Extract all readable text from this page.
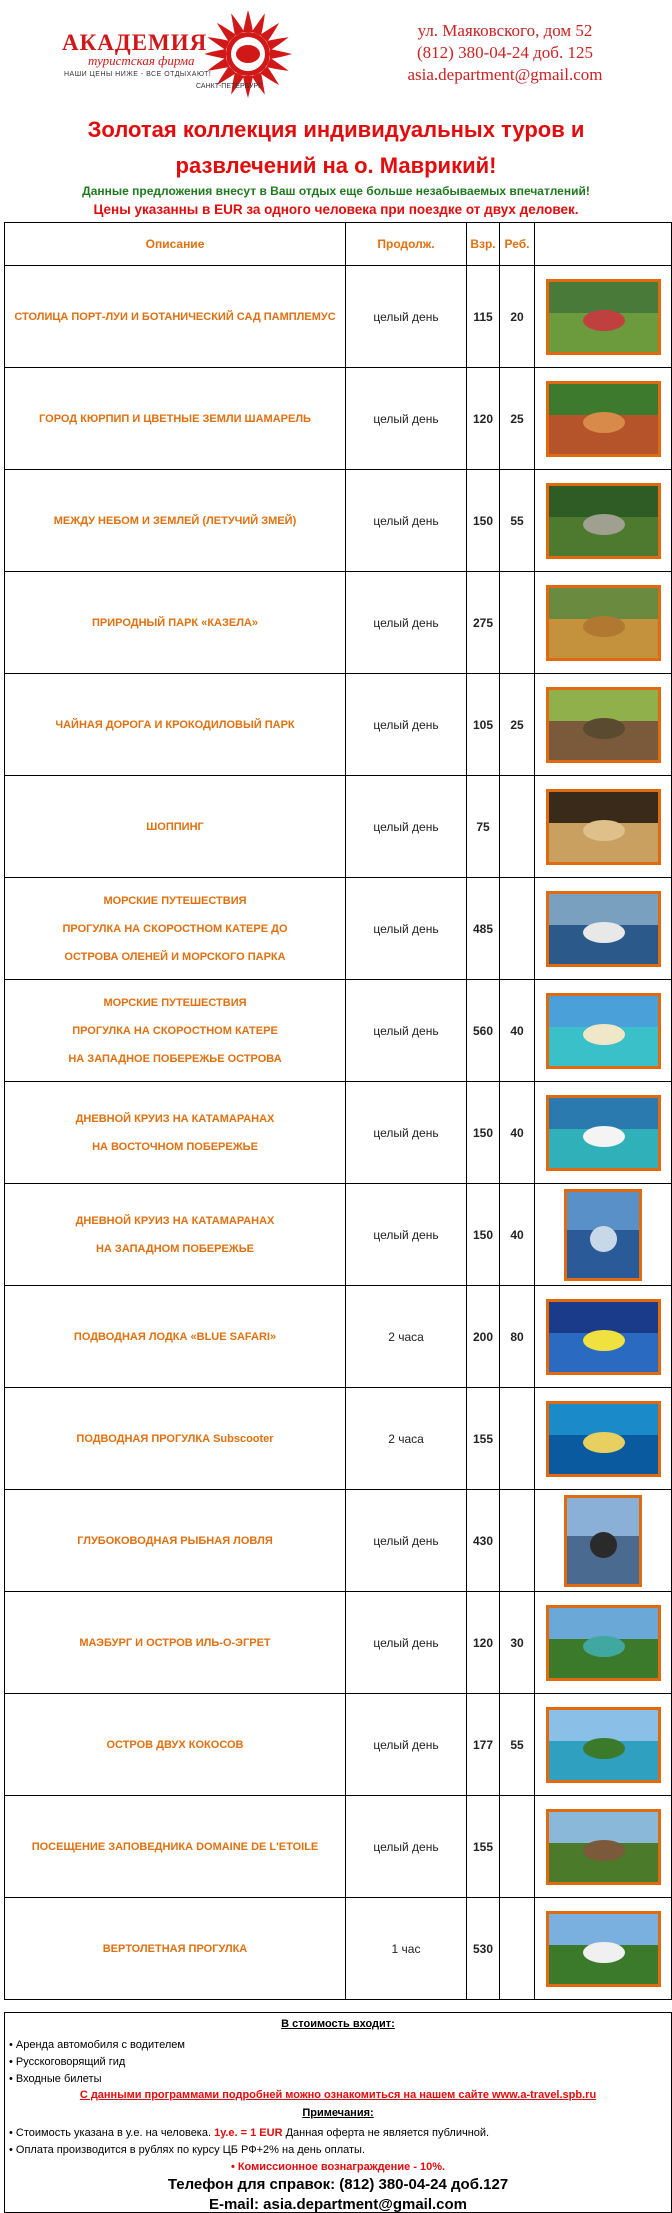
АКАДЕМИЯ
туристская фирма
НАШИ ЦЕНЫ НИЖЕ - ВСЕ ОТДЫХАЮТ!
САНКТ-ПЕТЕРБУРГ
ул. Маяковского, дом 52
(812) 380-04-24 доб. 125
asia.department@gmail.com
Золотая коллекция индивидуальных туров и развлечений на о. Маврикий!
Данные предложения внесут в Ваш отдых еще больше незабываемых впечатлений!
Цены указанны в EUR за одного человека при поездке от двух деловек.
Описание	Продолж.	Взр. Реб.
СТОЛИЦА ПОРТ-ЛУИ И БОТАНИЧЕСКИЙ САД ПАМПЛЕМУС	целый день	115	20
ГОРОД КЮРПИП И ЦВЕТНЫЕ ЗЕМЛИ ШАМАРЕЛЬ	целый день	120	25
МЕЖДУ НЕБОМ И ЗЕМЛЕЙ (ЛЕТУЧИЙ ЗМЕЙ)	целый день	150	55
ПРИРОДНЫЙ ПАРК «КАЗЕЛА»	целый день	275
ЧАЙНАЯ ДОРОГА И КРОКОДИЛОВЫЙ ПАРК	целый день	105	25
ШОППИНГ	целый день	75
МОРСКИЕ ПУТЕШЕСТВИЯ
ПРОГУЛКА НА СКОРОСТНОМ КАТЕРЕ ДО
ОСТРОВА ОЛЕНЕЙ И МОРСКОГО ПАРКА
целый день	485
МОРСКИЕ ПУТЕШЕСТВИЯ
ПРОГУЛКА НА СКОРОСТНОМ КАТЕРЕ
НА ЗАПАДНОЕ ПОБЕРЕЖЬЕ ОСТРОВА
целый день	560	40
ДНЕВНОЙ КРУИЗ НА КАТАМАРАНАХ
НА ВОСТОЧНОМ ПОБЕРЕЖЬЕ
целый день	150	40
ДНЕВНОЙ КРУИЗ НА КАТАМАРАНАХ
НА ЗАПАДНОМ ПОБЕРЕЖЬЕ
целый день	150	40
ПОДВОДНАЯ ЛОДКА «BLUE SAFARI»	2 часа	200	80
ПОДВОДНАЯ ПРОГУЛКА Subscooter	2 часа	155
ГЛУБОКОВОДНАЯ РЫБНАЯ ЛОВЛЯ	целый день	430
МАЭБУРГ И ОСТРОВ ИЛЬ-О-ЭГРЕТ	целый день	120	30
ОСТРОВ ДВУХ КОКОСОВ	целый день	177	55
ПОСЕЩЕНИЕ ЗАПОВЕДНИКА DOMAINE DE L'ETOILE	целый день	155
ВЕРТОЛЕТНАЯ ПРОГУЛКА	1 час	530
В стоимость входит:
• Аренда автомобиля с водителем
• Русскоговорящий гид
• Входные билеты
С данными программами подробней можно ознакомиться на нашем сайте www.a-travel.spb.ru
Примечания:
• Стоимость указана в у.е. на человека. 1у.е. = 1 EUR Данная оферта не является публичной.
• Оплата производится в рублях по курсу ЦБ РФ+2% на день оплаты.
• Комиссионное вознаграждение - 10%.
Телефон для справок: (812) 380-04-24 доб.127
E-mail: asia.department@gmail.com
